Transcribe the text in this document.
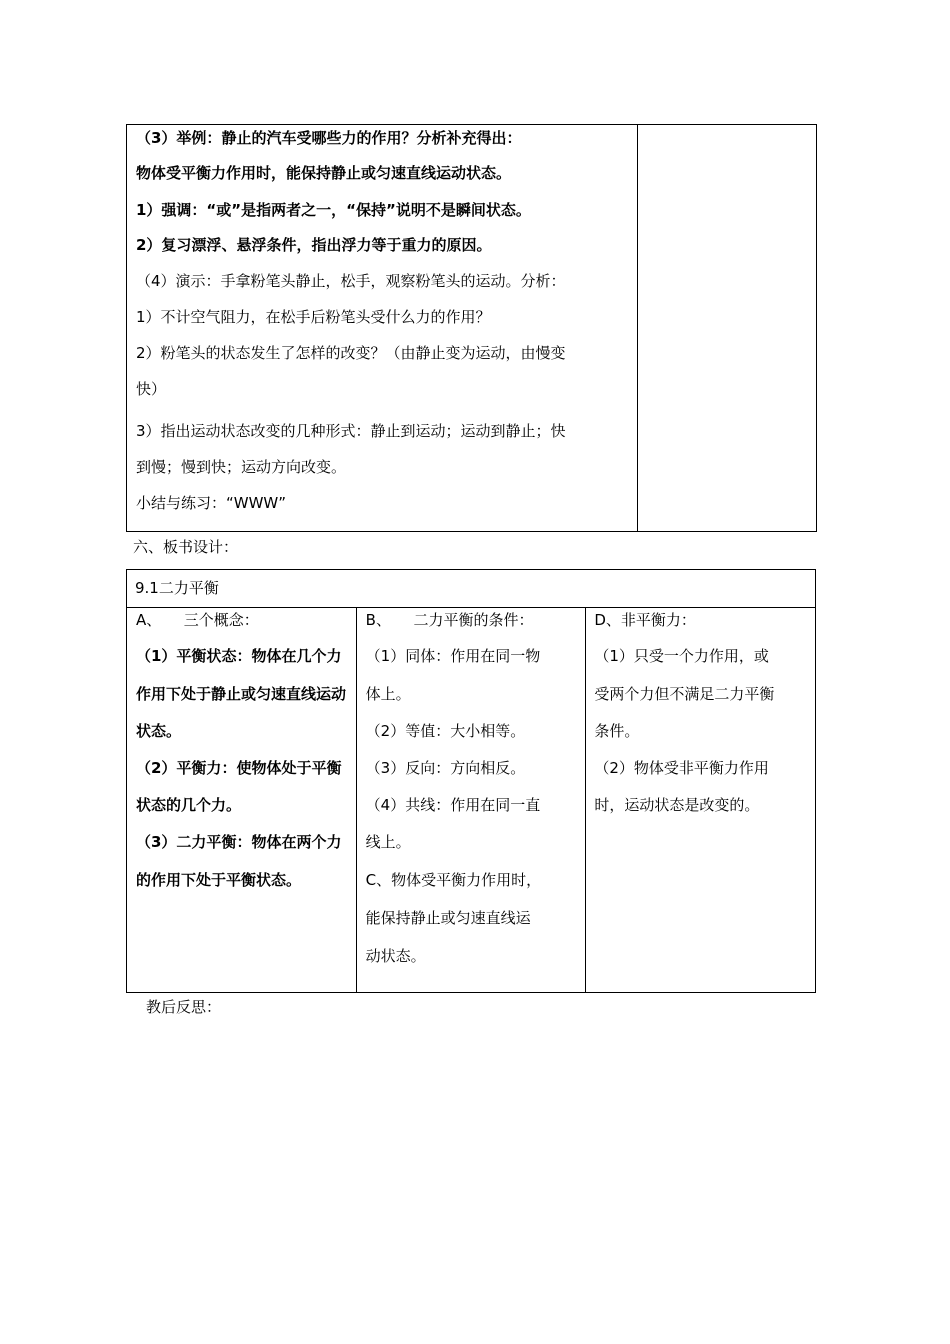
（3）举例：静止的汽车受哪些力的作用？分析补充得出：
物体受平衡力作用时，能保持静止或匀速直线运动状态。
1）强调：“或”是指两者之一，“保持”说明不是瞬间状态。
2）复习漂浮、悬浮条件，指出浮力等于重力的原因。
（4）演示：手拿粉笔头静止，松手，观察粉笔头的运动。分析：
1）不计空气阻力，在松手后粉笔头受什么力的作用？
2）粉笔头的状态发生了怎样的改变？（由静止变为运动，由慢变
快）
3）指出运动状态改变的几种形式：静止到运动；运动到静止；快
到慢；慢到快；运动方向改变。
小结与练习：“WWW”

六、板书设计：
9.1二力平衡

A、　　三个概念：
（1）平衡状态：物体在几个力
作用下处于静止或匀速直线运动
状态。
（2）平衡力：使物体处于平衡
状态的几个力。
（3）二力平衡：物体在两个力
的作用下处于平衡状态。

B、　　二力平衡的条件：
（1）同体：作用在同一物
体上。
（2）等值：大小相等。
（3）反向：方向相反。
（4）共线：作用在同一直
线上。
C、物体受平衡力作用时，
能保持静止或匀速直线运
动状态。

D、非平衡力：
（1）只受一个力作用，或
受两个力但不满足二力平衡
条件。
（2）物体受非平衡力作用
时，运动状态是改变的。
教后反思：
